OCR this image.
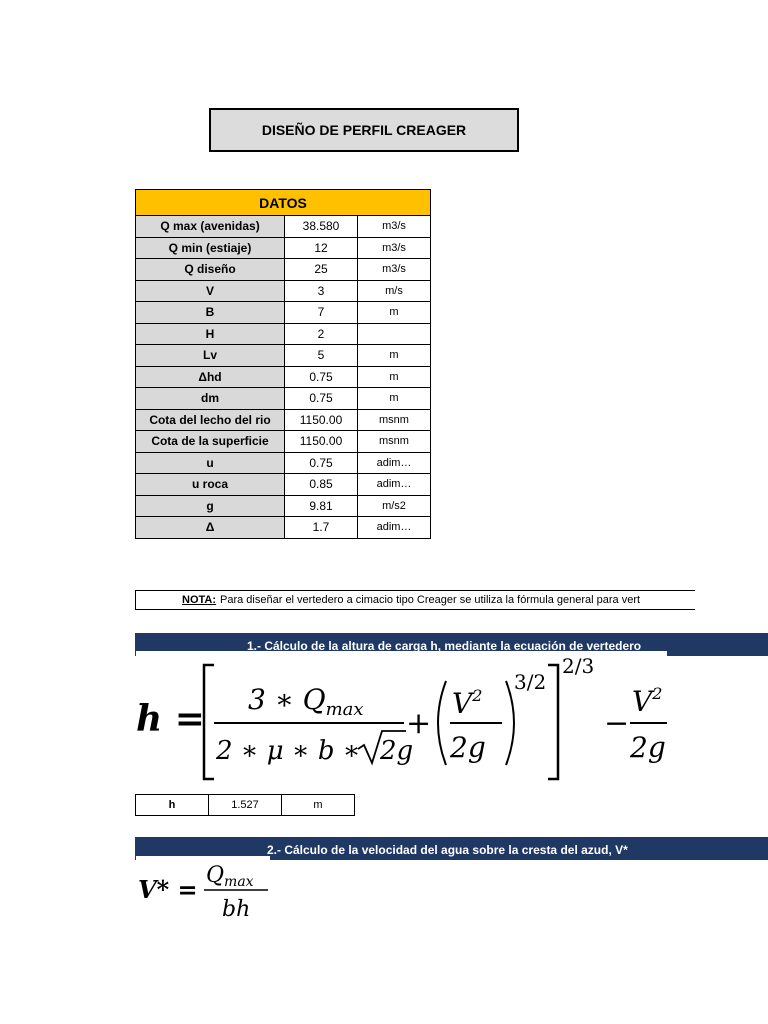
DISEÑO DE PERFIL CREAGER
DATOS		
Q max (avenidas)	38.580	m3/s
Q min (estiaje)	12	m3/s
Q diseño	25	m3/s
V	3	m/s
B	7	m
H	2	
Lv	5	m
Δhd	0.75	m
dm	0.75	m
Cota del lecho del rio	1150.00	msnm
Cota de la superficie	1150.00	msnm
u	0.75	adim…
u roca	0.85	adim…
g	9.81	m/s2
Δ	1.7	adim…
NOTA: Para diseñar el vertedero a cimacio tipo Creager se utiliza la fórmula general para vert
1.- Cálculo de la altura de carga h, mediante la ecuación de vertedero
h = 3 ∗ $Q_{max}$
2 ∗ μ ∗ b ∗ 2g
+
$V^2$
2g
3/2
2/3
−
$V^2$
2g
h	1.527	m
2.- Cálculo de la velocidad del agua sobre la cresta del azud, V*
V* = Qmax
bh
